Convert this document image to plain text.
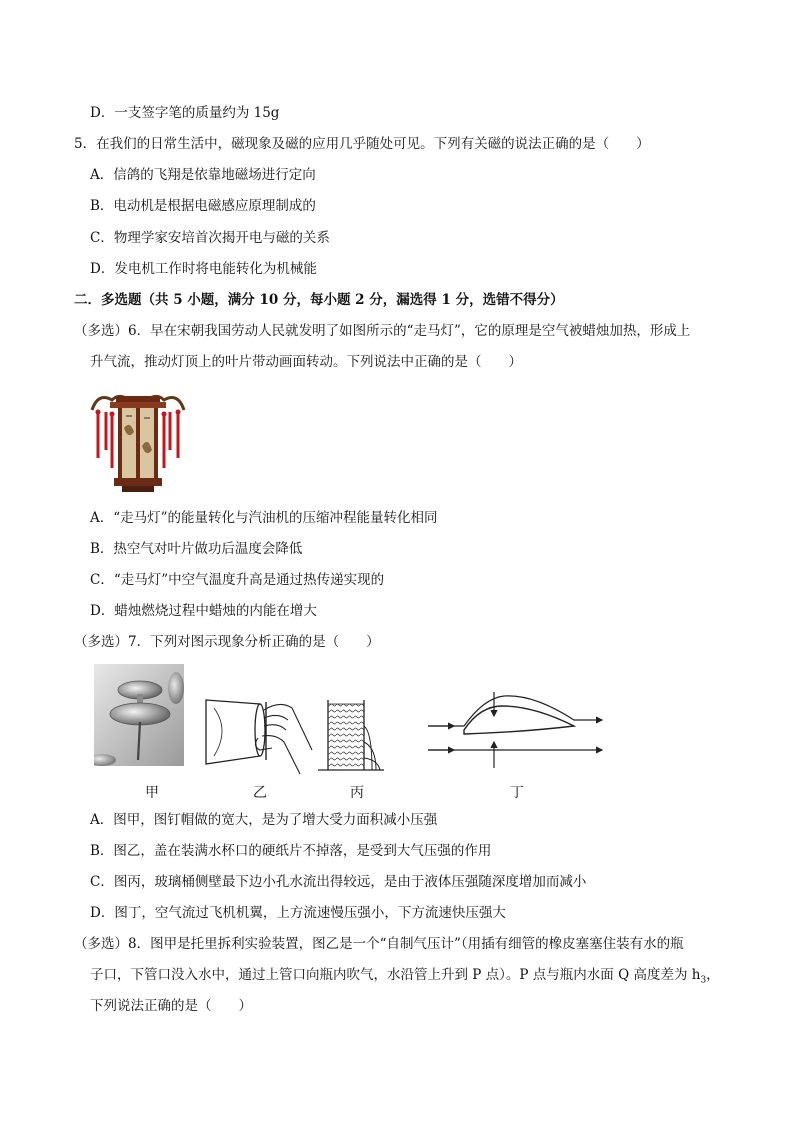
D．一支签字笔的质量约为 15g
5．在我们的日常生活中，磁现象及磁的应用几乎随处可见。下列有关磁的说法正确的是（　　）
A．信鸽的飞翔是依靠地磁场进行定向
B．电动机是根据电磁感应原理制成的
C．物理学家安培首次揭开电与磁的关系
D．发电机工作时将电能转化为机械能
二．多选题（共 5 小题，满分 10 分，每小题 2 分，漏选得 1 分，选错不得分）
（多选）6．早在宋朝我国劳动人民就发明了如图所示的“走马灯”，它的原理是空气被蜡烛加热，形成上
升气流，推动灯顶上的叶片带动画面转动。下列说法中正确的是（　　）
A．“走马灯”的能量转化与汽油机的压缩冲程能量转化相同
B．热空气对叶片做功后温度会降低
C．“走马灯”中空气温度升高是通过热传递实现的
D．蜡烛燃烧过程中蜡烛的内能在增大
（多选）7．下列对图示现象分析正确的是（　　）
甲	乙	丙	丁
A．图甲，图钉帽做的宽大，是为了增大受力面积减小压强
B．图乙，盖在装满水杯口的硬纸片不掉落，是受到大气压强的作用
C．图丙，玻璃桶侧壁最下边小孔水流出得较远，是由于液体压强随深度增加而减小
D．图丁，空气流过飞机机翼，上方流速慢压强小，下方流速快压强大
（多选）8．图甲是托里拆利实验装置，图乙是一个“自制气压计”（用插有细管的橡皮塞塞住装有水的瓶
子口，下管口没入水中，通过上管口向瓶内吹气，水沿管上升到 P 点）。P 点与瓶内水面 Q 高度差为 $h_3$，
下列说法正确的是（　　）
